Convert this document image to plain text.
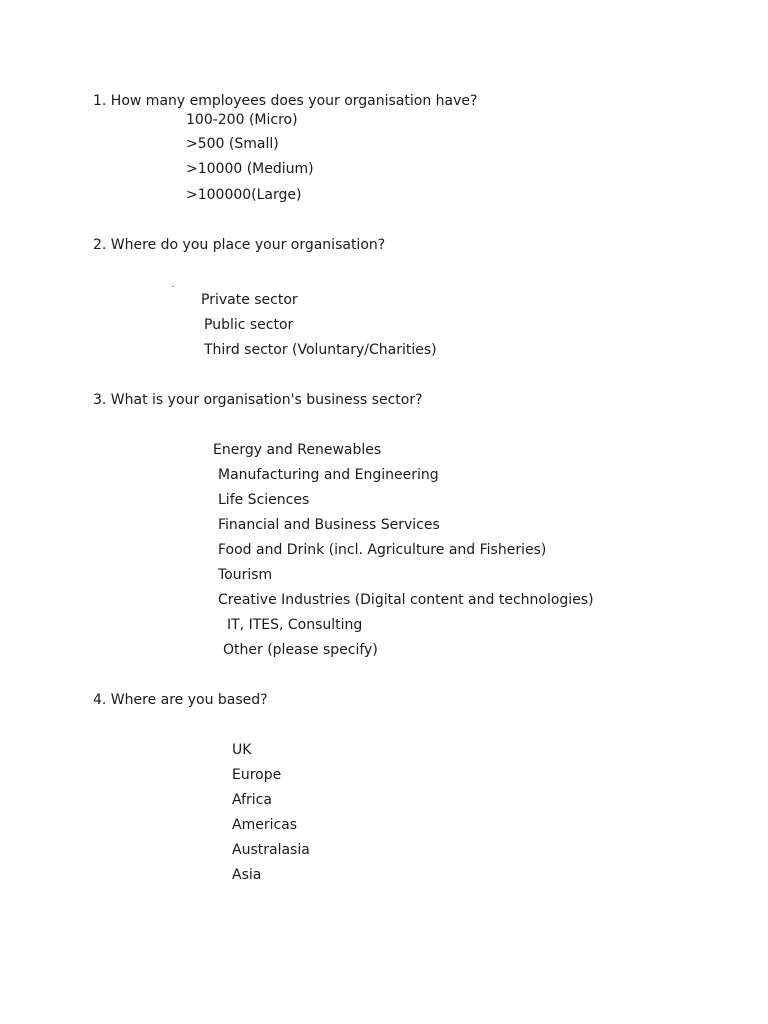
1. How many employees does your organisation have?
100-200 (Micro)
>500 (Small)
>10000 (Medium)
>100000(Large)
2. Where do you place your organisation?
Private sector
Public sector
Third sector (Voluntary/Charities)
3. What is your organisation's business sector?
Energy and Renewables
Manufacturing and Engineering
Life Sciences
Financial and Business Services
Food and Drink (incl. Agriculture and Fisheries)
Tourism
Creative Industries (Digital content and technologies)
IT, ITES, Consulting
Other (please specify)
4. Where are you based?
UK
Europe
Africa
Americas
Australasia
Asia
